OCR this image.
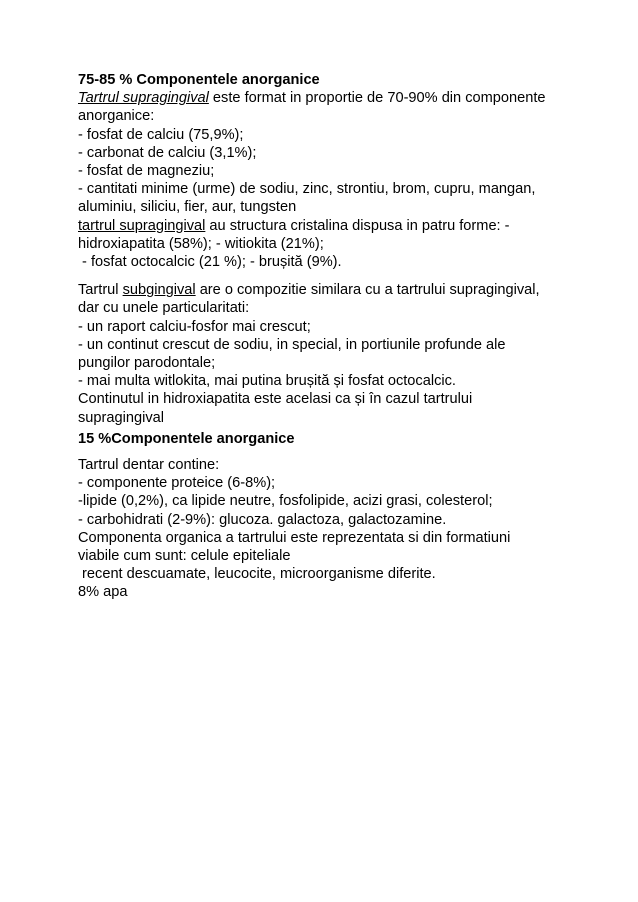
75-85 % Componentele anorganice
Tartrul supragingival este format in proportie de 70-90% din componente
anorganice:
- fosfat de calciu (75,9%);
- carbonat de calciu (3,1%);
- fosfat de magneziu;
- cantitati minime (urme) de sodiu, zinc, strontiu, brom, cupru, mangan,
aluminiu, siliciu, fier, aur, tungsten
tartrul supragingival au structura cristalina dispusa in patru forme: -
hidroxiapatita (58%); - witiokita (21%);
- fosfat octocalcic (21 %); - brușită (9%).
Tartrul subgingival are o compozitie similara cu a tartrului supragingival,
dar cu unele particularitati:
- un raport calciu-fosfor mai crescut;
- un continut crescut de sodiu, in special, in portiunile profunde ale
pungilor parodontale;
- mai multa witlokita, mai putina brușită și fosfat octocalcic.
Continutul in hidroxiapatita este acelasi ca și în cazul tartrului
supragingival
15 %Componentele anorganice
Tartrul dentar contine:
- componente proteice (6-8%);
-lipide (0,2%), ca lipide neutre, fosfolipide, acizi grasi, colesterol;
- carbohidrati (2-9%): glucoza. galactoza, galactozamine.
Componenta organica a tartrului este reprezentata si din formatiuni
viabile cum sunt: celule epiteliale
recent descuamate, leucocite, microorganisme diferite.
8% apa
